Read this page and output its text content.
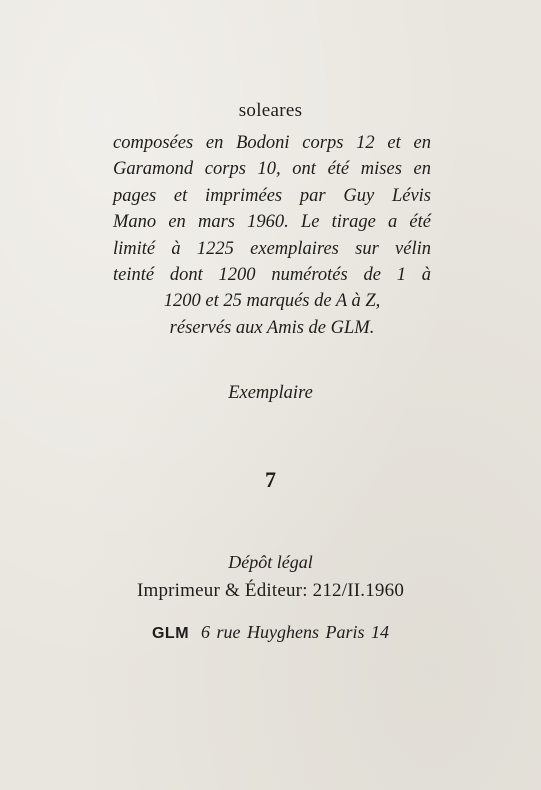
soleares
composées en Bodoni corps 12 et en
Garamond corps 10, ont été mises en
pages et imprimées par Guy Lévis
Mano en mars 1960. Le tirage a été
limité à 1225 exemplaires sur vélin
teinté dont 1200 numérotés de 1 à
1200 et 25 marqués de A à Z,
réservés aux Amis de GLM.
Exemplaire
7
Dépôt légal
Imprimeur & Éditeur: 212/II.1960
GLM 6 rue Huyghens Paris 14
